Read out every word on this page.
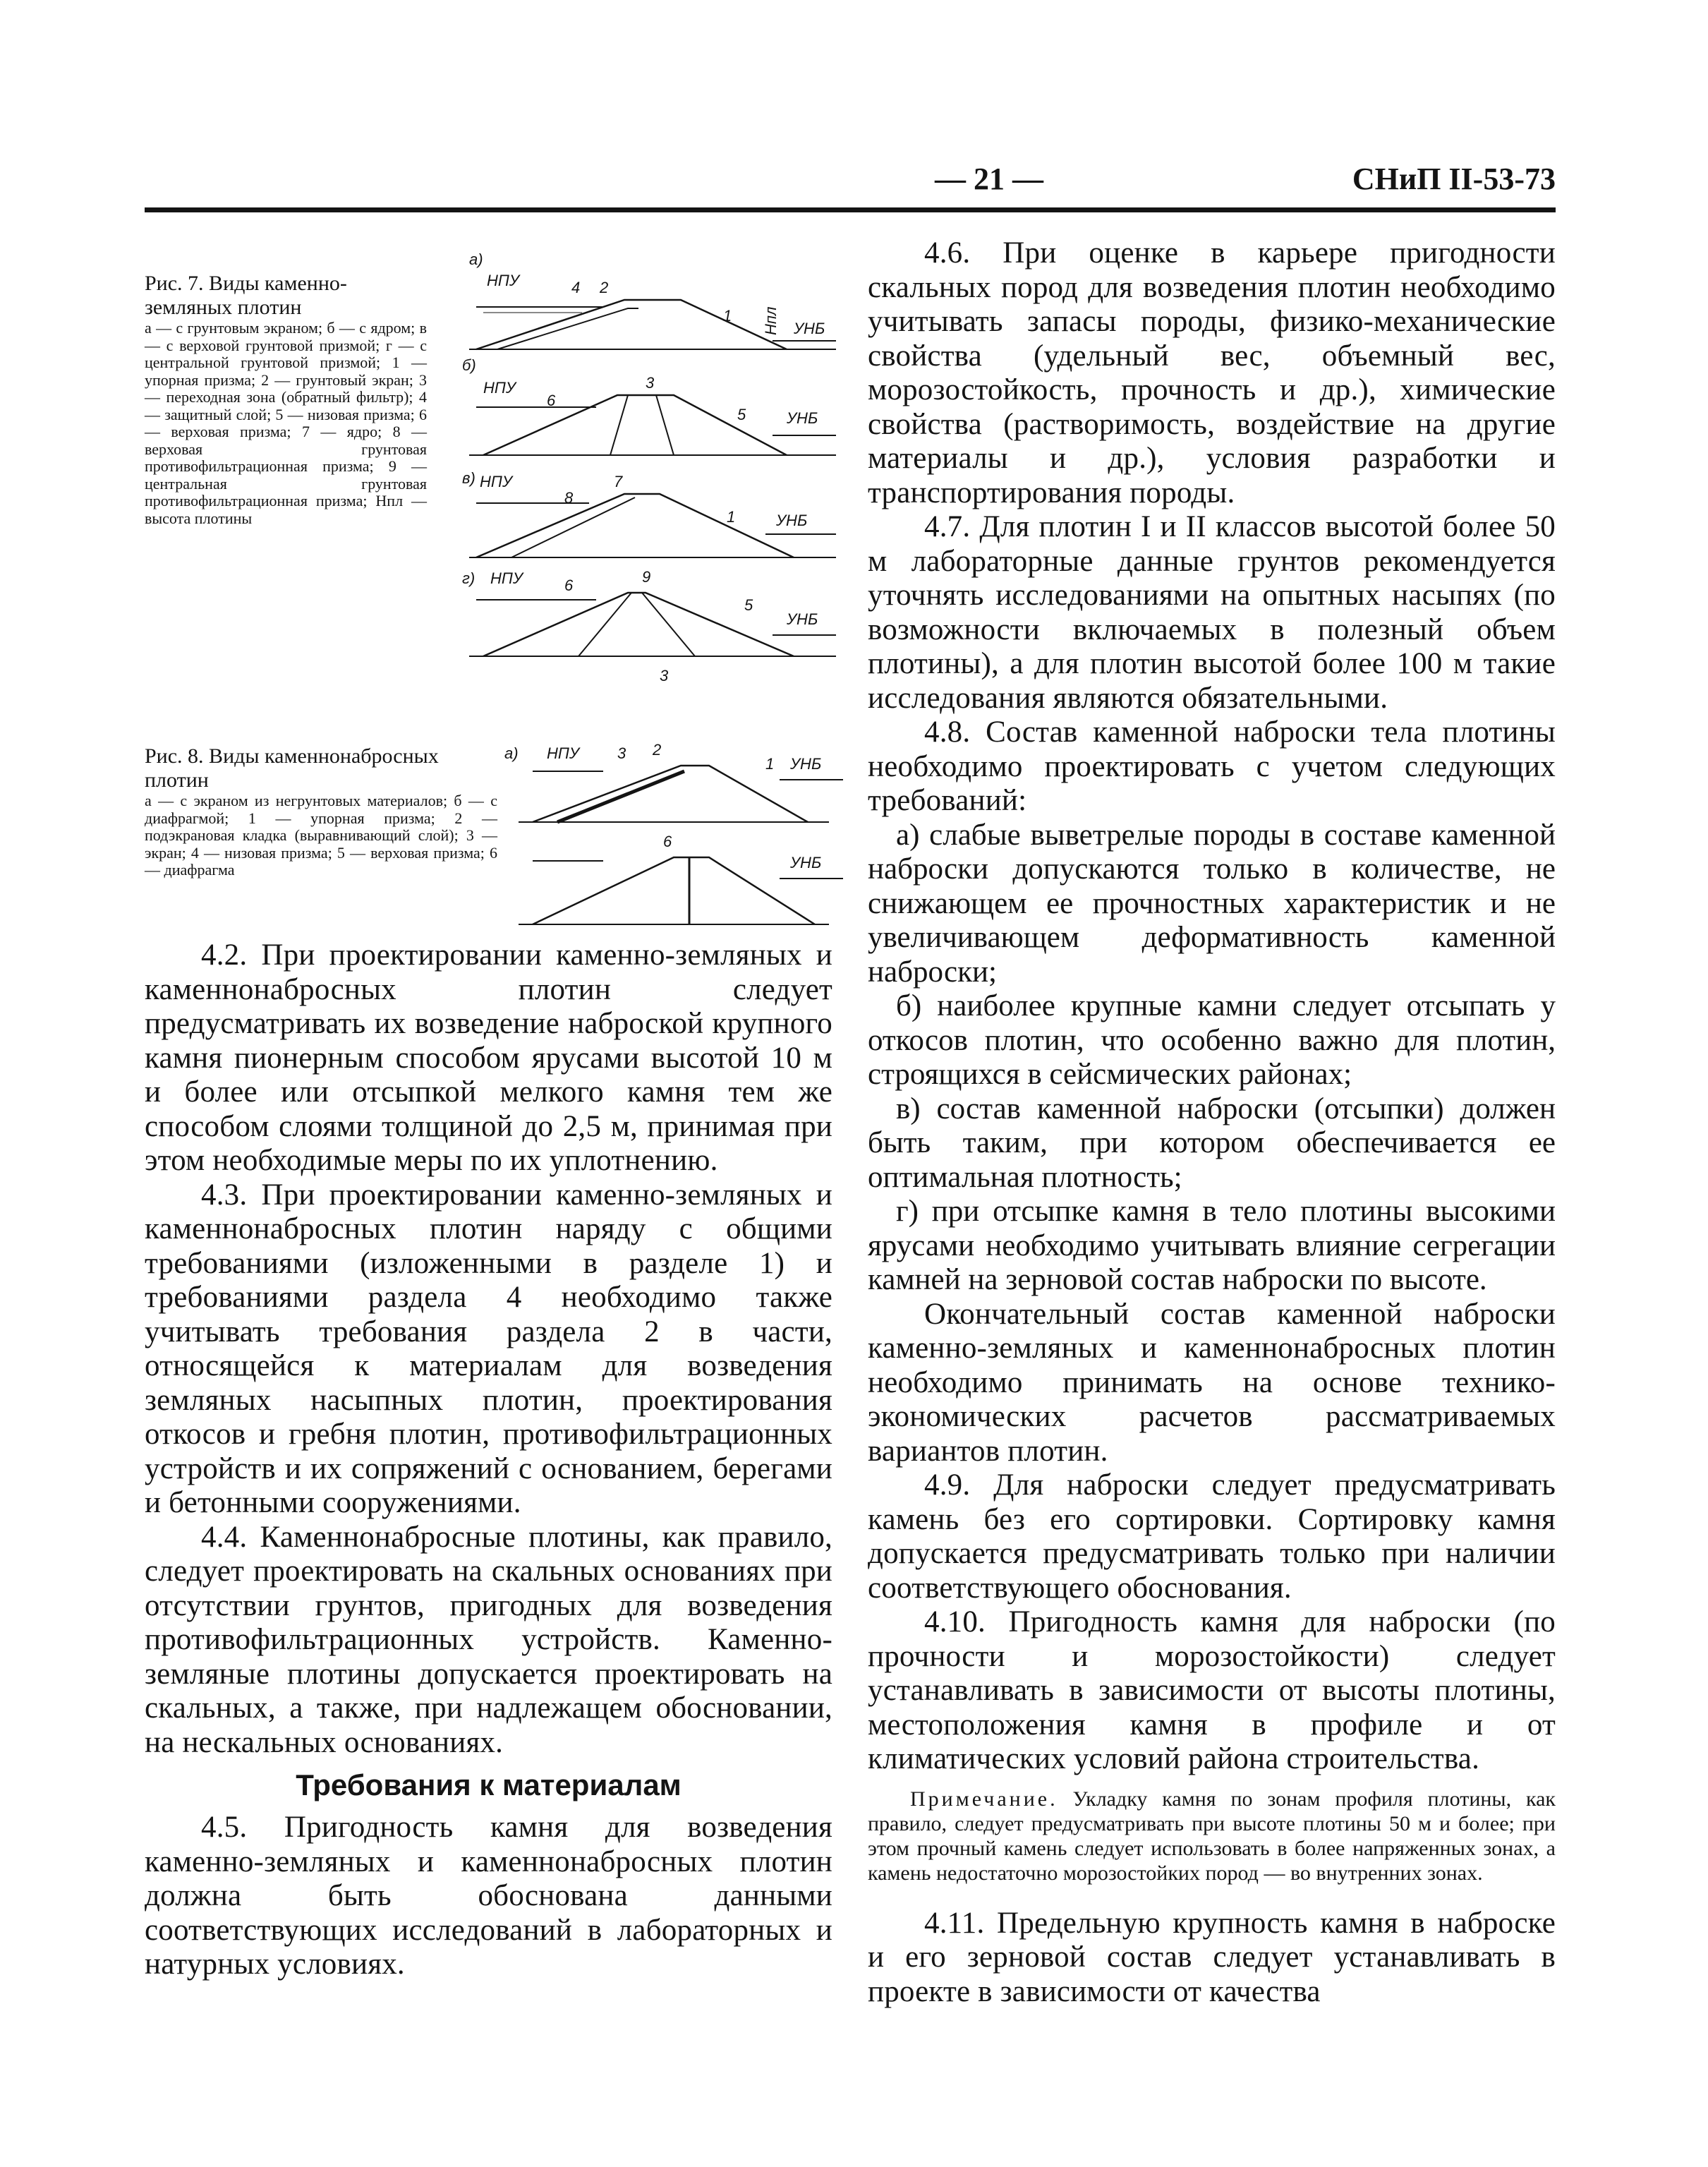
— 21 —	СНиП II-53-73
Рис. 7. Виды каменно-земляных плотин
а — с грунтовым экраном; б — с ядром; в — с верховой грунтовой призмой; г — с центральной грунтовой призмой; 1 — упорная призма; 2 — грунтовый экран; 3 — переходная зона (обратный фильтр); 4 — защитный слой; 5 — низовая призма; 6 — верховая призма; 7 — ядро; 8 — верховая грунтовая противофильтрационная призма; 9 — центральная грунтовая противофильтрационная призма; Hпл — высота плотины
а)
НПУ	4 2
1 Hпл УНБ
б)
НПУ
6
3
5	УНБ
в) НПУ
8
7
1	УНБ
г) НПУ	6	9
5
УНБ
3
Рис. 8. Виды каменнонабросных плотин
а — с экраном из негрунтовых материалов; б — с диафрагмой; 1 — упорная призма; 2 — подэкрановая кладка (выравнивающий слой); 3 — экран; 4 — низовая призма; 5 — верховая призма; 6 — диафрагма
а) НПУ 3 2
1 УНБ
6
УНБ

4.2. При проектировании каменно-земляных и каменнонабросных плотин следует предусматривать их возведение наброской крупного камня пионерным способом ярусами высотой 10 м и более или отсыпкой мелкого камня тем же способом слоями толщиной до 2,5 м, принимая при этом необходимые меры по их уплотнению.

4.3. При проектировании каменно-земляных и каменнонабросных плотин наряду с общими требованиями (изложенными в разделе 1) и требованиями раздела 4 необходимо также учитывать требования раздела 2 в части, относящейся к материалам для возведения земляных насыпных плотин, проектирования откосов и гребня плотин, противофильтрационных устройств и их сопряжений с основанием, берегами и бетонными сооружениями.

4.4. Каменнонабросные плотины, как правило, следует проектировать на скальных основаниях при отсутствии грунтов, пригодных для возведения противофильтрационных устройств. Каменно-земляные плотины допускается проектировать на скальных, а также, при надлежащем обосновании, на нескальных основаниях.

Требования к материалам

4.5. Пригодность камня для возведения каменно-земляных и каменнонабросных плотин должна быть обоснована данными соответствующих исследований в лабораторных и натурных условиях.

4.6. При оценке в карьере пригодности скальных пород для возведения плотин необходимо учитывать запасы породы, физико-механические свойства (удельный вес, объемный вес, морозостойкость, прочность и др.), химические свойства (растворимость, воздействие на другие материалы и др.), условия разработки и транспортирования породы.

4.7. Для плотин I и II классов высотой более 50 м лабораторные данные грунтов рекомендуется уточнять исследованиями на опытных насыпях (по возможности включаемых в полезный объем плотины), а для плотин высотой более 100 м такие исследования являются обязательными.

4.8. Состав каменной наброски тела плотины необходимо проектировать с учетом следующих требований:

а) слабые выветрелые породы в составе каменной наброски допускаются только в количестве, не снижающем ее прочностных характеристик и не увеличивающем деформативность каменной наброски;

б) наиболее крупные камни следует отсыпать у откосов плотин, что особенно важно для плотин, строящихся в сейсмических районах;

в) состав каменной наброски (отсыпки) должен быть таким, при котором обеспечивается ее оптимальная плотность;

г) при отсыпке камня в тело плотины высокими ярусами необходимо учитывать влияние сегрегации камней на зерновой состав наброски по высоте.

Окончательный состав каменной наброски каменно-земляных и каменнонабросных плотин необходимо принимать на основе технико-экономических расчетов рассматриваемых вариантов плотин.

4.9. Для наброски следует предусматривать камень без его сортировки. Сортировку камня допускается предусматривать только при наличии соответствующего обоснования.

4.10. Пригодность камня для наброски (по прочности и морозостойкости) следует устанавливать в зависимости от высоты плотины, местоположения камня в профиле и от климатических условий района строительства.

Примечание. Укладку камня по зонам профиля плотины, как правило, следует предусматривать при высоте плотины 50 м и более; при этом прочный камень следует использовать в более напряженных зонах, а камень недостаточно морозостойких пород — во внутренних зонах.

4.11. Предельную крупность камня в наброске и его зерновой состав следует устанавливать в проекте в зависимости от качества
